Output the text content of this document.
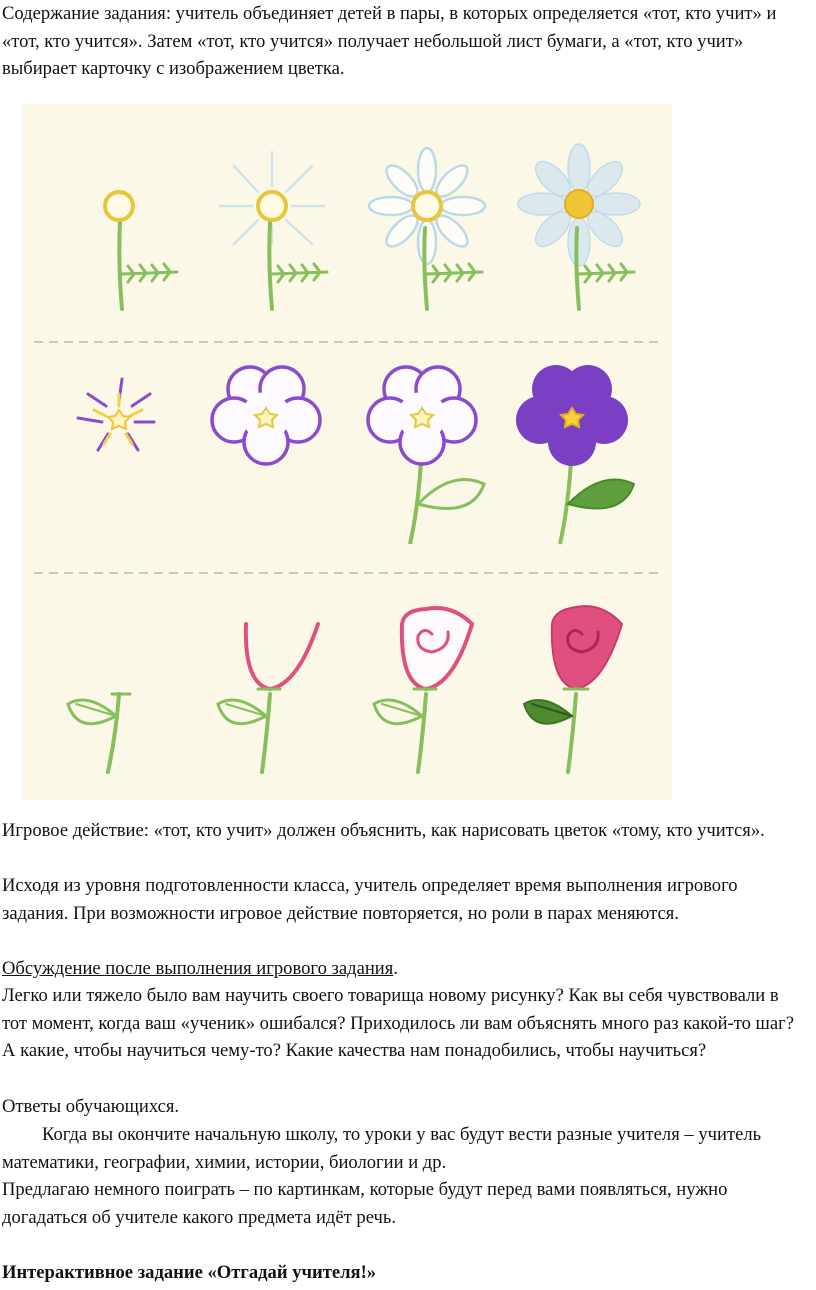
Содержание задания: учитель объединяет детей в пары, в которых определяется «тот, кто учит» и «тот, кто учится». Затем «тот, кто учится» получает небольшой лист бумаги, а «тот, кто учит» выбирает карточку с изображением цветка.

Игровое действие: «тот, кто учит» должен объяснить, как нарисовать цветок «тому, кто учится».

Исходя из уровня подготовленности класса, учитель определяет время выполнения игрового задания. При возможности игровое действие повторяется, но роли в парах меняются.

Обсуждение после выполнения игрового задания.

Легко или тяжело было вам научить своего товарища новому рисунку? Как вы себя чувствовали в тот момент, когда ваш «ученик» ошибался? Приходилось ли вам объяснять много раз какой-то шаг? А какие, чтобы научиться чему-то? Какие качества нам понадобились, чтобы научиться?

Ответы обучающихся.

Когда вы окончите начальную школу, то уроки у вас будут вести разные учителя – учитель математики, географии, химии, истории, биологии и др.

Предлагаю немного поиграть – по картинкам, которые будут перед вами появляться, нужно догадаться об учителе какого предмета идёт речь.

Интерактивное задание «Отгадай учителя!»
